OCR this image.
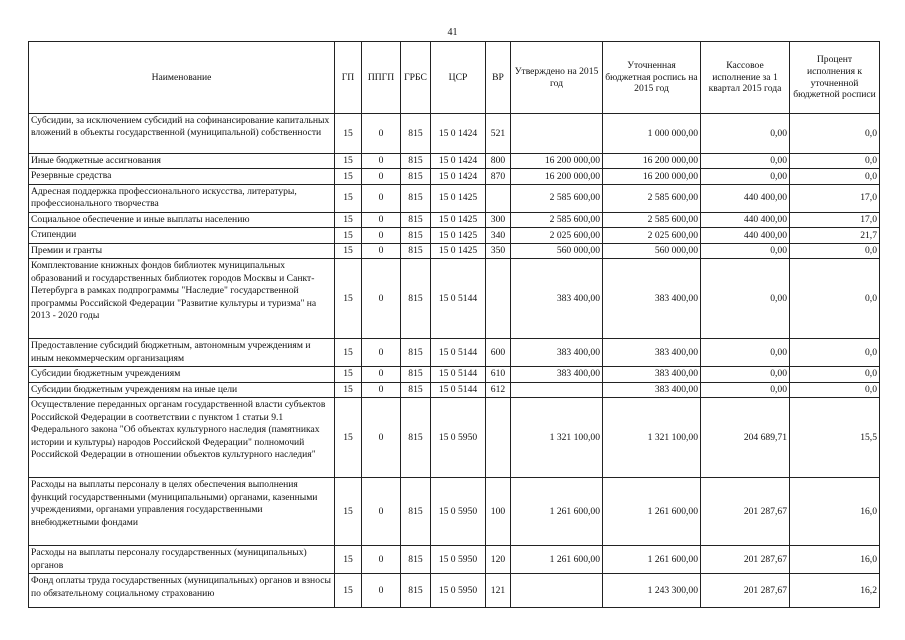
41
Наименование	ГП	ППГП	ГРБС	ЦСР	ВР	Утверждено на 2015 год	Уточненная бюджетная роспись на 2015 год	Кассовое исполнение за 1 квартал 2015 года	Процент исполнения к уточненной бюджетной росписи
Субсидии, за исключением субсидий на софинансирование капитальных вложений в объекты государственной (муниципальной) собственности	15	0	815	15 0 1424	521		1 000 000,00	0,00	0,0
Иные бюджетные ассигнования	15	0	815	15 0 1424	800	16 200 000,00	16 200 000,00	0,00	0,0
Резервные средства	15	0	815	15 0 1424	870	16 200 000,00	16 200 000,00	0,00	0,0
Адресная поддержка профессионального искусства, литературы, профессионального творчества	15	0	815	15 0 1425		2 585 600,00	2 585 600,00	440 400,00	17,0
Социальное обеспечение и иные выплаты населению	15	0	815	15 0 1425	300	2 585 600,00	2 585 600,00	440 400,00	17,0
Стипендии	15	0	815	15 0 1425	340	2 025 600,00	2 025 600,00	440 400,00	21,7
Премии и гранты	15	0	815	15 0 1425	350	560 000,00	560 000,00	0,00	0,0
Комплектование книжных фондов библиотек муниципальных образований и государственных библиотек городов Москвы и Санкт-Петербурга в рамках подпрограммы "Наследие" государственной программы Российской Федерации "Развитие культуры и туризма" на 2013 - 2020 годы	15	0	815	15 0 5144		383 400,00	383 400,00	0,00	0,0
Предоставление субсидий бюджетным, автономным учреждениям и иным некоммерческим организациям	15	0	815	15 0 5144	600	383 400,00	383 400,00	0,00	0,0
Субсидии бюджетным учреждениям	15	0	815	15 0 5144	610	383 400,00	383 400,00	0,00	0,0
Субсидии бюджетным учреждениям на иные цели	15	0	815	15 0 5144	612		383 400,00	0,00	0,0
Осуществление переданных органам государственной власти субъектов Российской Федерации в соответствии с пунктом 1 статьи 9.1 Федерального закона "Об объектах культурного наследия (памятниках истории и культуры) народов Российской Федерации" полномочий Российской Федерации в отношении объектов культурного наследия"	15	0	815	15 0 5950		1 321 100,00	1 321 100,00	204 689,71	15,5
Расходы на выплаты персоналу в целях обеспечения выполнения функций государственными (муниципальными) органами, казенными учреждениями, органами управления государственными внебюджетными фондами	15	0	815	15 0 5950	100	1 261 600,00	1 261 600,00	201 287,67	16,0
Расходы на выплаты персоналу государственных (муниципальных) органов	15	0	815	15 0 5950	120	1 261 600,00	1 261 600,00	201 287,67	16,0
Фонд оплаты труда государственных (муниципальных) органов и взносы по обязательному социальному страхованию	15	0	815	15 0 5950	121		1 243 300,00	201 287,67	16,2
